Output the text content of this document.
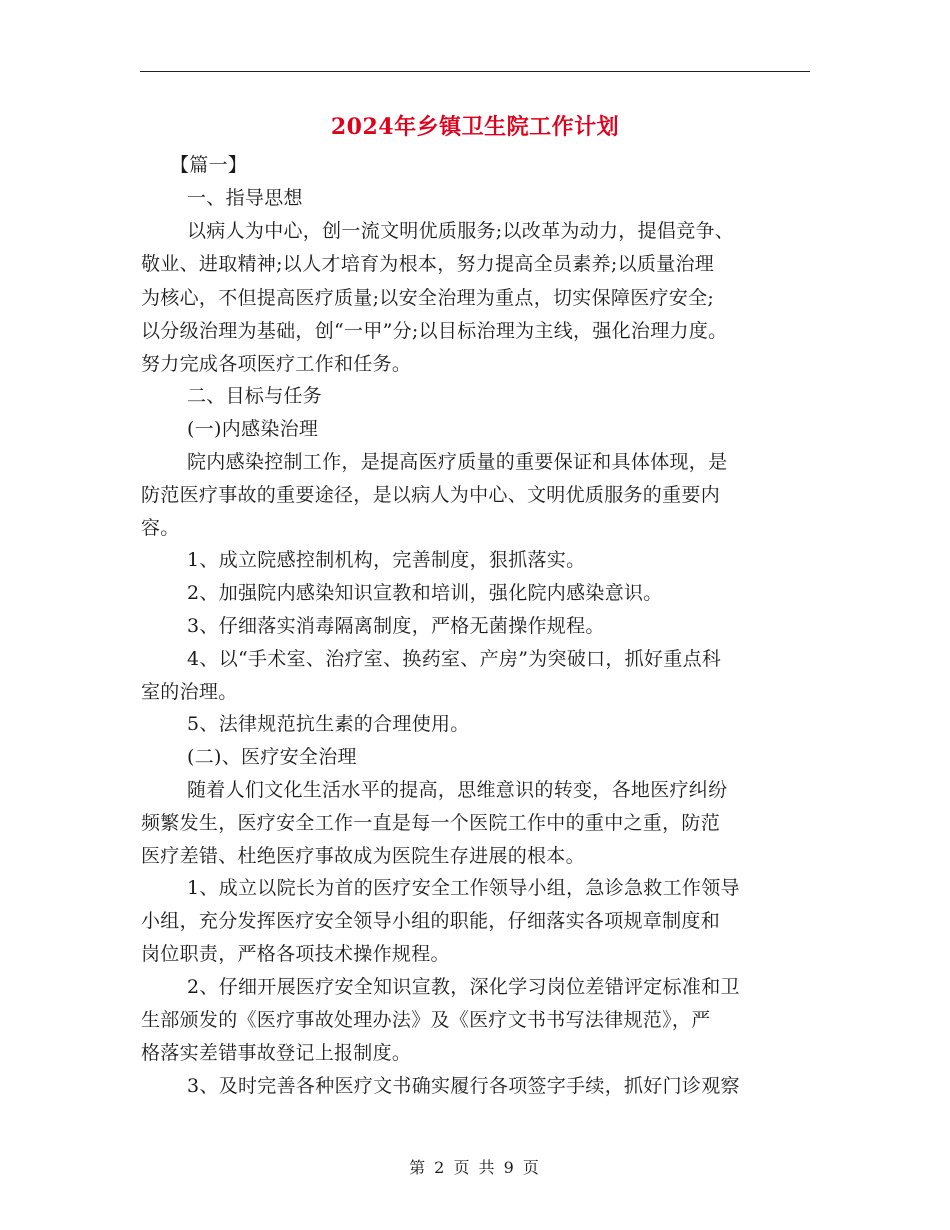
2024年乡镇卫生院工作计划
【篇一】
一、指导思想
以病人为中心，创一流文明优质服务;以改革为动力，提倡竞争、
敬业、进取精神;以人才培育为根本，努力提高全员素养;以质量治理
为核心，不但提高医疗质量;以安全治理为重点，切实保障医疗安全;
以分级治理为基础，创“一甲”分;以目标治理为主线，强化治理力度。
努力完成各项医疗工作和任务。
二、目标与任务
(一)内感染治理
院内感染控制工作，是提高医疗质量的重要保证和具体体现，是
防范医疗事故的重要途径，是以病人为中心、文明优质服务的重要内
容。
1、成立院感控制机构，完善制度，狠抓落实。
2、加强院内感染知识宣教和培训，强化院内感染意识。
3、仔细落实消毒隔离制度，严格无菌操作规程。
4、以“手术室、治疗室、换药室、产房”为突破口，抓好重点科
室的治理。
5、法律规范抗生素的合理使用。
(二)、医疗安全治理
随着人们文化生活水平的提高，思维意识的转变，各地医疗纠纷
频繁发生，医疗安全工作一直是每一个医院工作中的重中之重，防范
医疗差错、杜绝医疗事故成为医院生存进展的根本。
1、成立以院长为首的医疗安全工作领导小组，急诊急救工作领导
小组，充分发挥医疗安全领导小组的职能，仔细落实各项规章制度和
岗位职责，严格各项技术操作规程。
2、仔细开展医疗安全知识宣教，深化学习岗位差错评定标准和卫
生部颁发的《医疗事故处理办法》及《医疗文书书写法律规范》，严
格落实差错事故登记上报制度。
3、及时完善各种医疗文书确实履行各项签字手续，抓好门诊观察
第 2 页 共 9 页
